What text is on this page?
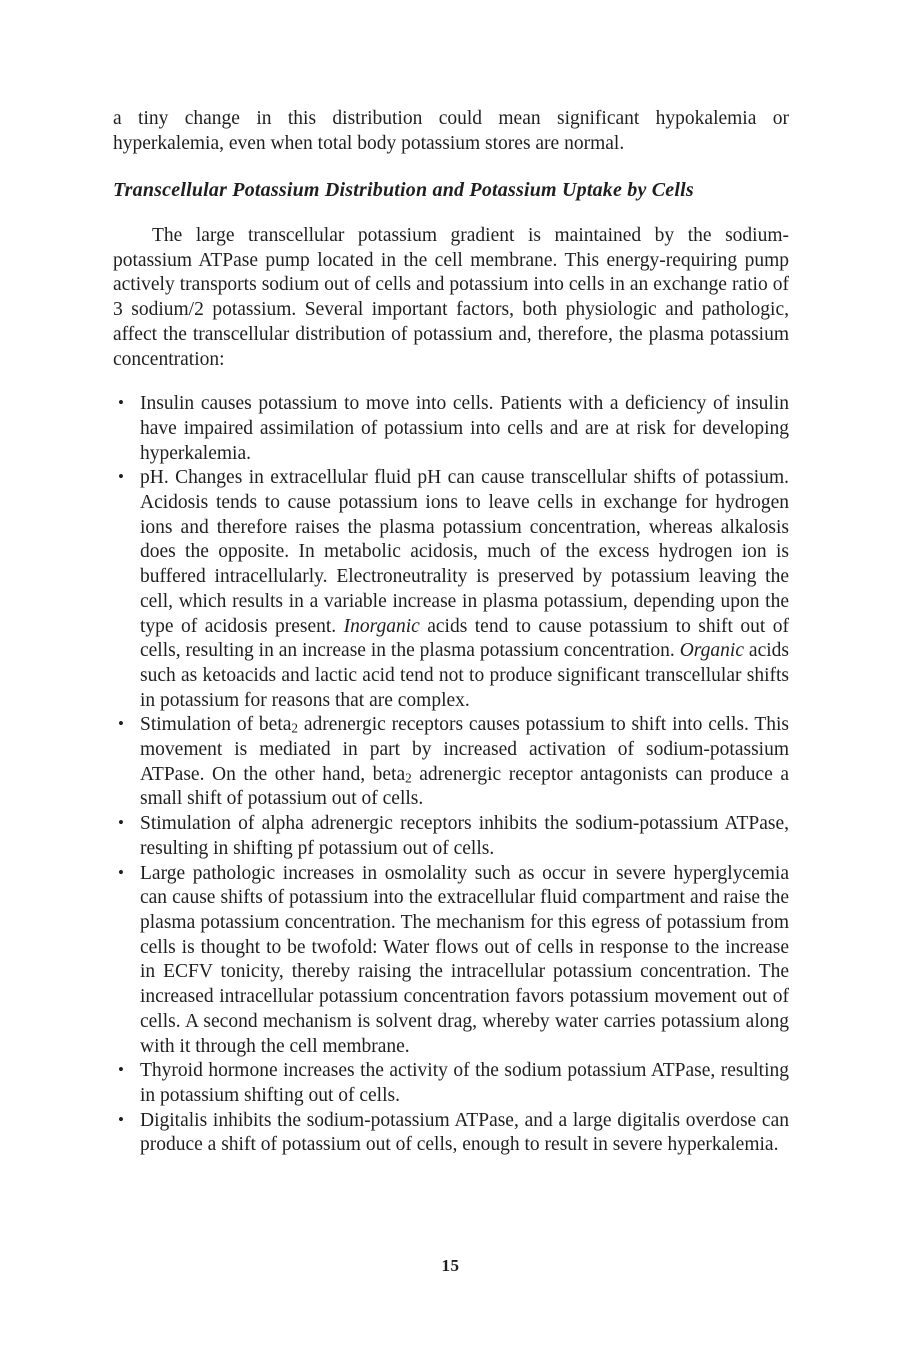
a tiny change in this distribution could mean significant hypokalemia or hyperkalemia, even when total body potassium stores are normal.

Transcellular Potassium Distribution and Potassium Uptake by Cells

The large transcellular potassium gradient is maintained by the sodium-potassium ATPase pump located in the cell membrane. This energy-requiring pump actively transports sodium out of cells and potassium into cells in an exchange ratio of 3 sodium/2 potassium. Several important factors, both physiologic and pathologic, affect the transcellular distribution of potassium and, therefore, the plasma potassium concentration:

• Insulin causes potassium to move into cells. Patients with a deficiency of insulin have impaired assimilation of potassium into cells and are at risk for developing hyperkalemia.
• pH. Changes in extracellular fluid pH can cause transcellular shifts of potassium. Acidosis tends to cause potassium ions to leave cells in exchange for hydrogen ions and therefore raises the plasma potassium concentration, whereas alkalosis does the opposite. In metabolic acidosis, much of the excess hydrogen ion is buffered intracellularly. Electroneutrality is preserved by potassium leaving the cell, which results in a variable increase in plasma potassium, depending upon the type of acidosis present. Inorganic acids tend to cause potassium to shift out of cells, resulting in an increase in the plasma potassium concentration. Organic acids such as ketoacids and lactic acid tend not to produce significant transcellular shifts in potassium for reasons that are complex.
• Stimulation of beta$_2$ adrenergic receptors causes potassium to shift into cells. This movement is mediated in part by increased activation of sodium-potassium ATPase. On the other hand, beta$_2$ adrenergic receptor antagonists can produce a small shift of potassium out of cells.
• Stimulation of alpha adrenergic receptors inhibits the sodium-potassium ATPase, resulting in shifting pf potassium out of cells.
• Large pathologic increases in osmolality such as occur in severe hyperglycemia can cause shifts of potassium into the extracellular fluid compartment and raise the plasma potassium concentration. The mechanism for this egress of potassium from cells is thought to be twofold: Water flows out of cells in response to the increase in ECFV tonicity, thereby raising the intracellular potassium concentration. The increased intracellular potassium concentration favors potassium movement out of cells. A second mechanism is solvent drag, whereby water carries potassium along with it through the cell membrane.
• Thyroid hormone increases the activity of the sodium potassium ATPase, resulting in potassium shifting out of cells.
• Digitalis inhibits the sodium-potassium ATPase, and a large digitalis overdose can produce a shift of potassium out of cells, enough to result in severe hyperkalemia.
15
